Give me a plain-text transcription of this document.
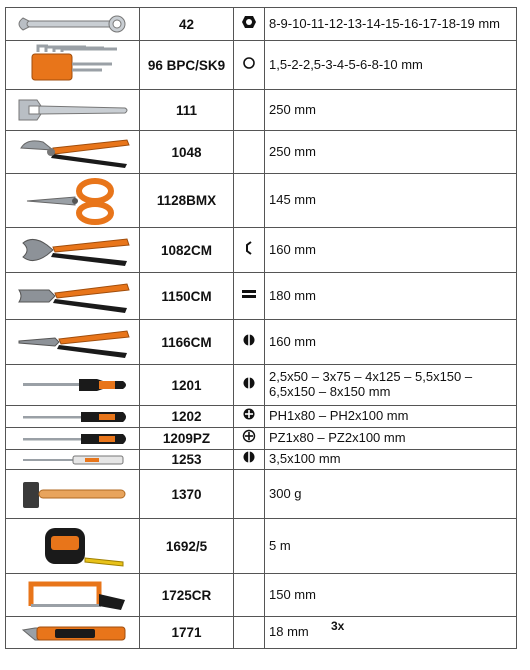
	42		8-9-10-11-12-13-14-15-16-17-18-19 mm

	96 BPC/SK9		1,5-2-2,5-3-4-5-6-8-10 mm

	111		250 mm

	1048		250 mm

	1128BMX		145 mm

	1082CM		160 mm

	1150CM		180 mm

	1166CM		160 mm

	1201		2,5x50 – 3x75 – 4x125 – 5,5x150 – 6,5x150 – 8x150 mm

	1202		PH1x80 – PH2x100 mm

	1209PZ		PZ1x80 – PZ2x100 mm

	1253		3,5x100 mm

	1370		300 g

	1692/5		5 m

	1725CR		150 mm

	1771		18 mm 3x
